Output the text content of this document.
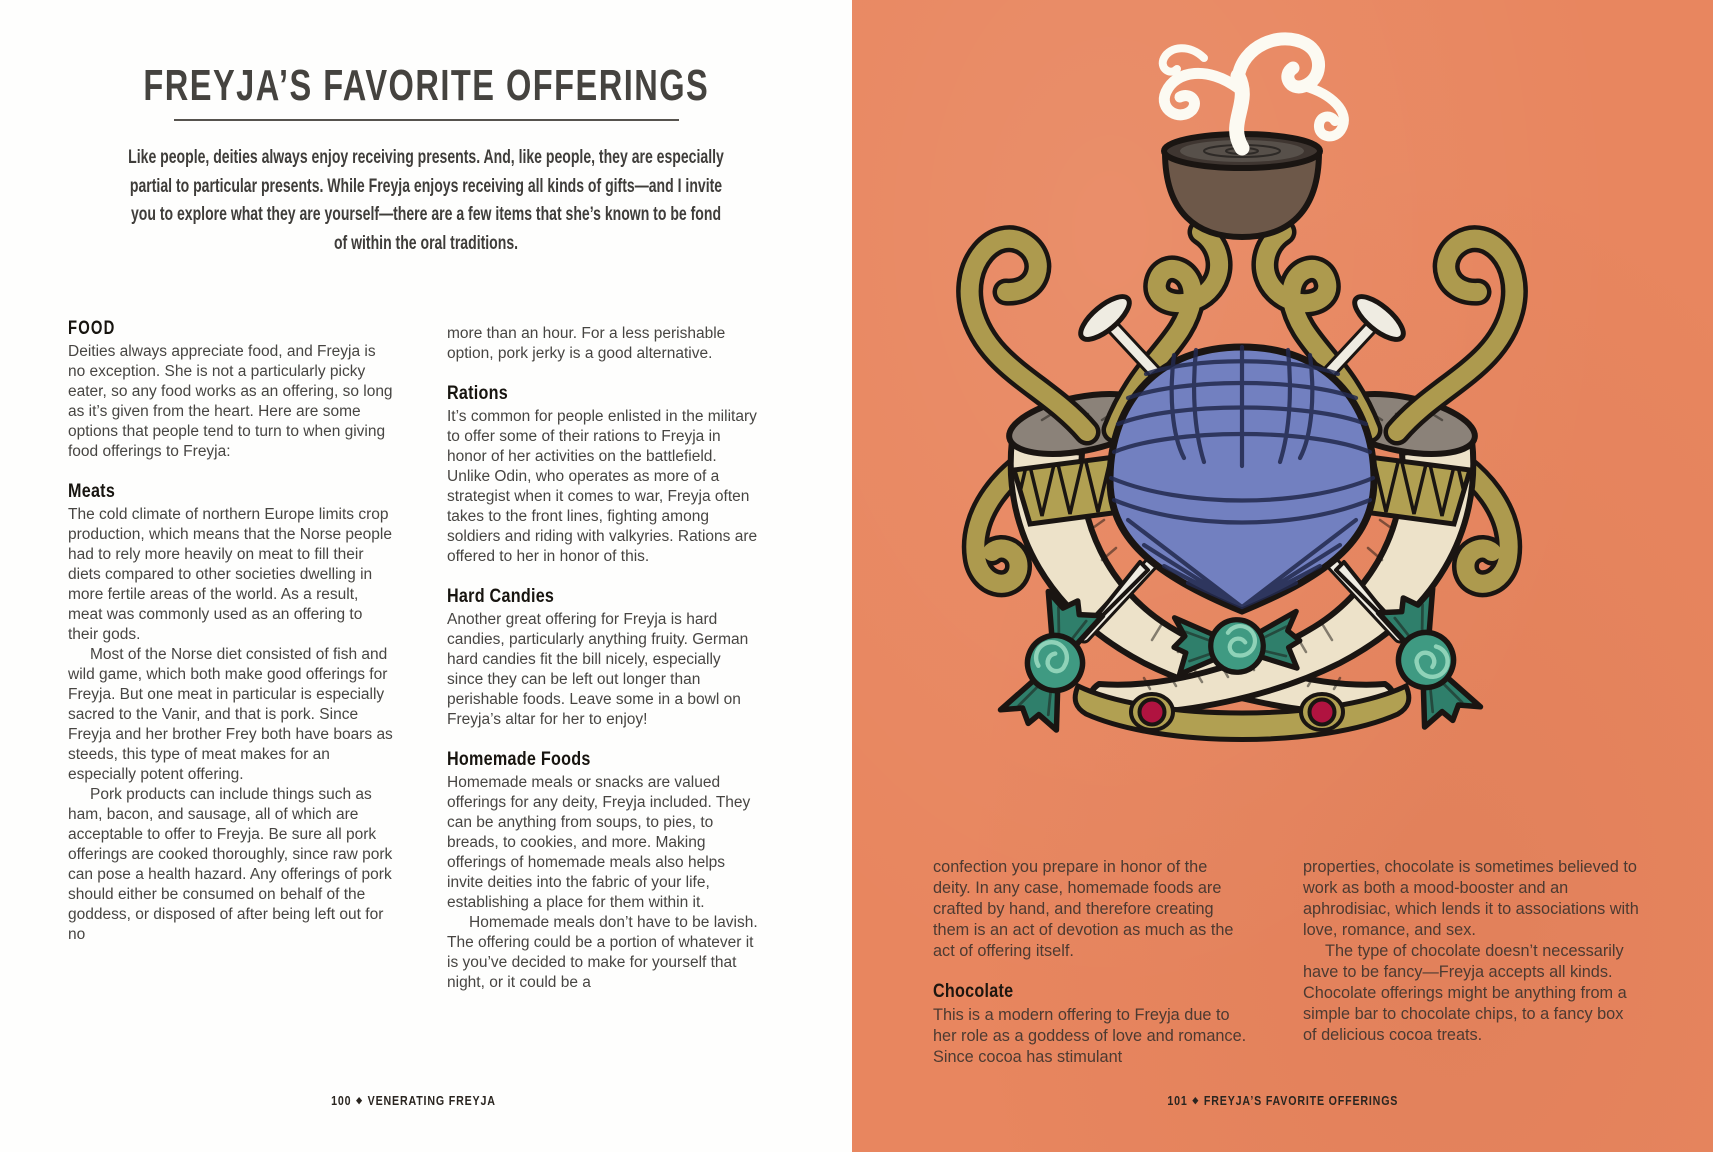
FREYJA’S FAVORITE OFFERINGS
Like people, deities always enjoy receiving presents. And, like people, they are especially partial to particular presents. While Freyja enjoys receiving all kinds of gifts—and I invite you to explore what they are yourself—there are a few items that she’s known to be fond of within the oral traditions.
FOOD

Deities always appreciate food, and Freyja is no exception. She is not a particularly picky eater, so any food works as an offering, so long as it’s given from the heart. Here are some options that people tend to turn to when giving food offerings to Freyja:

Meats

The cold climate of northern Europe limits crop production, which means that the Norse people had to rely more heavily on meat to fill their diets compared to other societies dwelling in more fertile areas of the world. As a result, meat was commonly used as an offering to their gods.

Most of the Norse diet consisted of fish and wild game, which both make good offerings for Freyja. But one meat in particular is especially sacred to the Vanir, and that is pork. Since Freyja and her brother Frey both have boars as steeds, this type of meat makes for an especially potent offering.

Pork products can include things such as ham, bacon, and sausage, all of which are acceptable to offer to Freyja. Be sure all pork offerings are cooked thoroughly, since raw pork can pose a health hazard. Any offerings of pork should either be consumed on behalf of the goddess, or disposed of after being left out for no

more than an hour. For a less perishable option, pork jerky is a good alternative.

Rations

It’s common for people enlisted in the military to offer some of their rations to Freyja in honor of her activities on the battlefield. Unlike Odin, who operates as more of a strategist when it comes to war, Freyja often takes to the front lines, fighting among soldiers and riding with valkyries. Rations are offered to her in honor of this.

Hard Candies

Another great offering for Freyja is hard candies, particularly anything fruity. German hard candies fit the bill nicely, especially since they can be left out longer than perishable foods. Leave some in a bowl on Freyja’s altar for her to enjoy!

Homemade Foods

Homemade meals or snacks are valued offerings for any deity, Freyja included. They can be anything from soups, to pies, to breads, to cookies, and more. Making offerings of homemade meals also helps invite deities into the fabric of your life, establishing a place for them within it.

Homemade meals don’t have to be lavish. The offering could be a portion of whatever it is you’ve decided to make for yourself that night, or it could be a

100 ◆ VENERATING FREYJA

confection you prepare in honor of the deity. In any case, homemade foods are crafted by hand, and therefore creating them is an act of devotion as much as the act of offering itself.

Chocolate

This is a modern offering to Freyja due to her role as a goddess of love and romance. Since cocoa has stimulant

properties, chocolate is sometimes believed to work as both a mood-booster and an aphrodisiac, which lends it to associations with love, romance, and sex.

The type of chocolate doesn’t necessarily have to be fancy—Freyja accepts all kinds. Chocolate offerings might be anything from a simple bar to chocolate chips, to a fancy box of delicious cocoa treats.

101 ◆ FREYJA’S FAVORITE OFFERINGS
